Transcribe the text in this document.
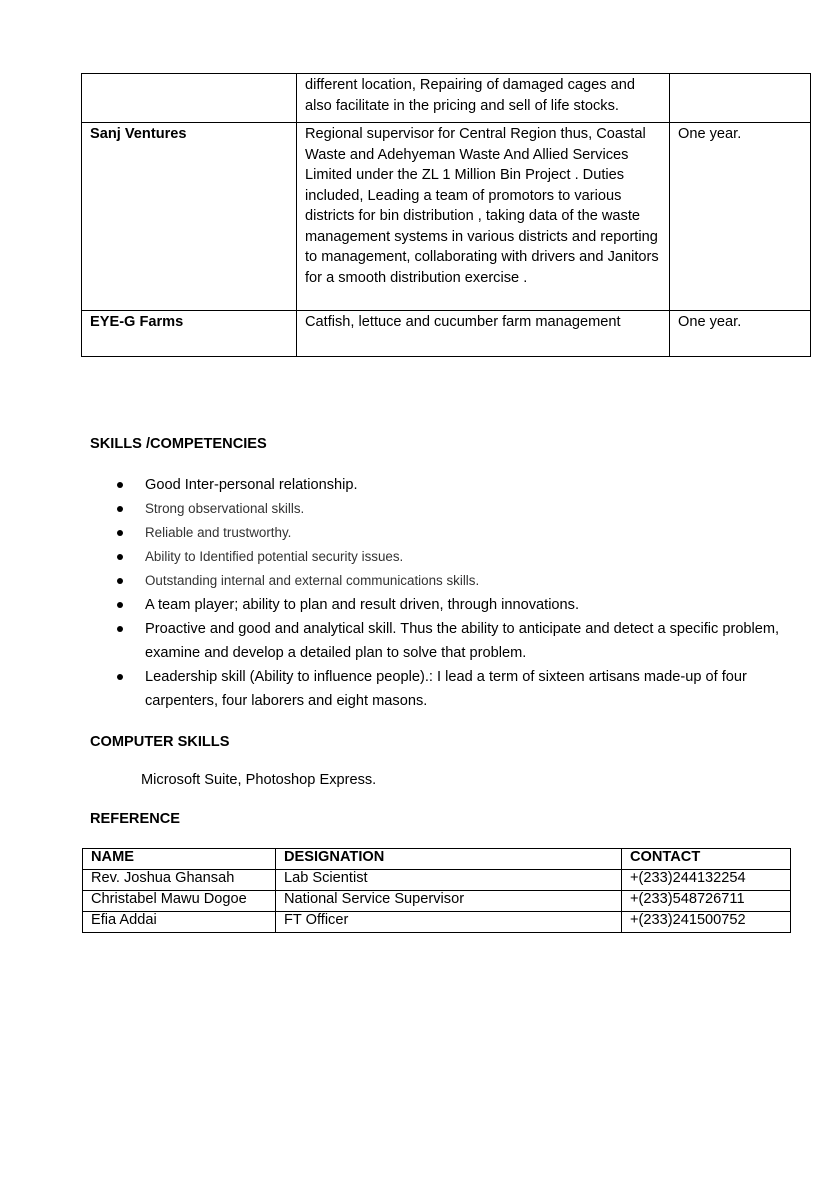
	different location, Repairing of damaged cages and also facilitate in the pricing and sell of life stocks.	
Sanj Ventures	Regional supervisor for Central Region thus, Coastal Waste and Adehyeman Waste And Allied Services Limited under the ZL 1 Million Bin Project . Duties included, Leading a team of promotors to various districts for bin distribution , taking data of the waste management systems in various districts and reporting to management, collaborating with drivers and Janitors for a smooth distribution exercise .	One year.
EYE-G Farms	Catfish, lettuce and cucumber farm management	One year.
SKILLS /COMPETENCIES
Good Inter-personal relationship.
Strong observational skills.
Reliable and trustworthy.
Ability to Identified potential security issues.
Outstanding internal and external communications skills.
A team player; ability to plan and result driven, through innovations.
Proactive and good and analytical skill. Thus the ability to anticipate and detect a specific problem, examine and develop a detailed plan to solve that problem.
Leadership skill (Ability to influence people).: I lead a term of sixteen artisans made-up of four carpenters, four laborers and eight masons.
COMPUTER SKILLS
Microsoft Suite, Photoshop Express.
REFERENCE
NAME	DESIGNATION	CONTACT
Rev. Joshua Ghansah	Lab Scientist	+(233)244132254
Christabel Mawu Dogoe	National Service Supervisor	+(233)548726711
Efia Addai	FT Officer	+(233)241500752
